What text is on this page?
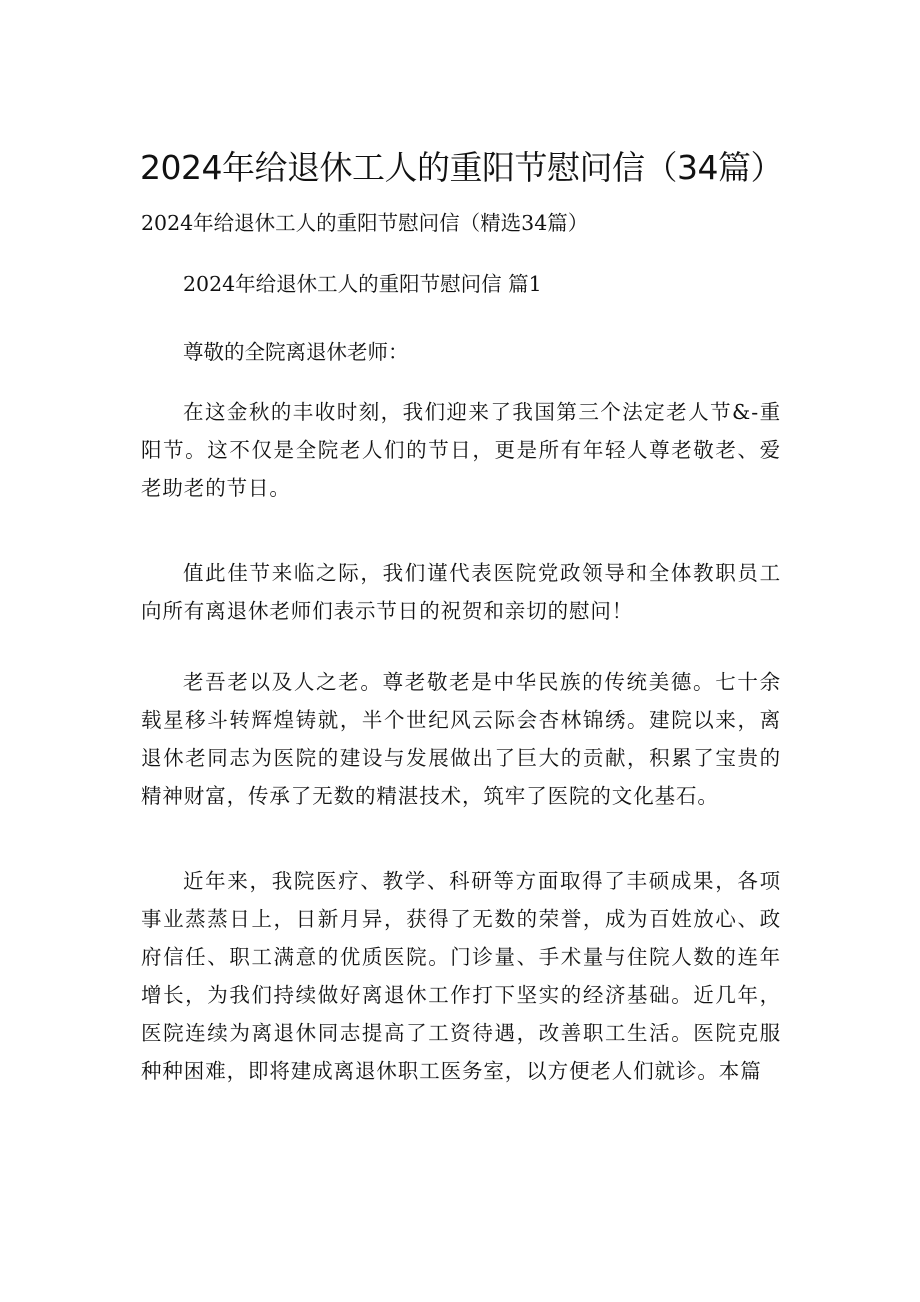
2024年给退休工人的重阳节慰问信（34篇）
2024年给退休工人的重阳节慰问信（精选34篇）
2024年给退休工人的重阳节慰问信 篇1
尊敬的全院离退休老师：
在这金秋的丰收时刻，我们迎来了我国第三个法定老人节&-重阳节。这不仅是全院老人们的节日，更是所有年轻人尊老敬老、爱老助老的节日。
值此佳节来临之际，我们谨代表医院党政领导和全体教职员工向所有离退休老师们表示节日的祝贺和亲切的慰问！
老吾老以及人之老。尊老敬老是中华民族的传统美德。七十余载星移斗转辉煌铸就，半个世纪风云际会杏林锦绣。建院以来，离退休老同志为医院的建设与发展做出了巨大的贡献，积累了宝贵的精神财富，传承了无数的精湛技术，筑牢了医院的文化基石。
近年来，我院医疗、教学、科研等方面取得了丰硕成果，各项事业蒸蒸日上，日新月异，获得了无数的荣誉，成为百姓放心、政府信任、职工满意的优质医院。门诊量、手术量与住院人数的连年增长，为我们持续做好离退休工作打下坚实的经济基础。近几年，医院连续为离退休同志提高了工资待遇，改善职工生活。医院克服种种困难，即将建成离退休职工医务室，以方便老人们就诊。本篇
